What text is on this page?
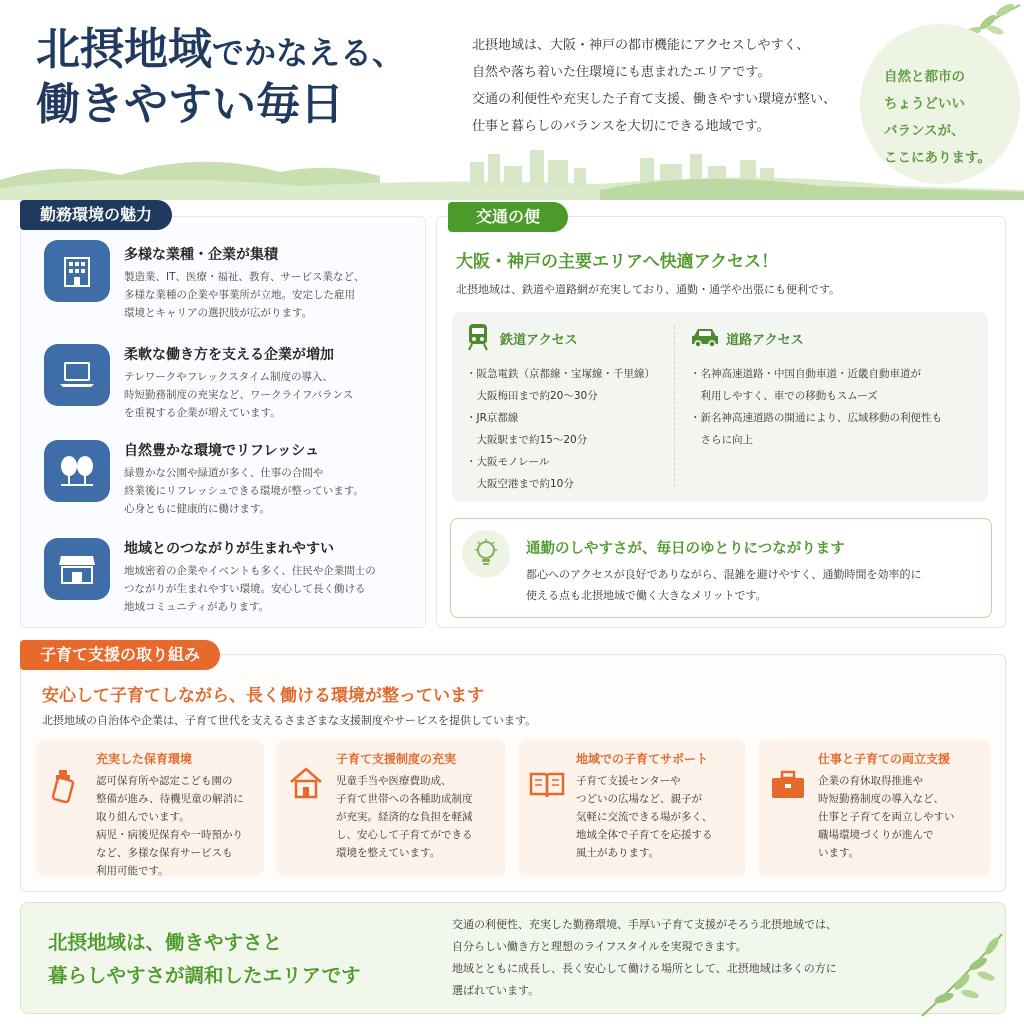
北摂地域でかなえる、
働きやすい毎日
北摂地域は、大阪・神戸の都市機能にアクセスしやすく、
自然や落ち着いた住環境にも恵まれたエリアです。
交通の利便性や充実した子育て支援、働きやすい環境が整い、
仕事と暮らしのバランスを大切にできる地域です。
自然と都市の
ちょうどいい
バランスが、
ここにあります。
勤務環境の魅力
多様な業種・企業が集積
製造業、IT、医療・福祉、教育、サービス業など、
多様な業種の企業や事業所が立地。安定した雇用
環境とキャリアの選択肢が広がります。
柔軟な働き方を支える企業が増加
テレワークやフレックスタイム制度の導入、
時短勤務制度の充実など、ワークライフバランス
を重視する企業が増えています。
自然豊かな環境でリフレッシュ
緑豊かな公園や緑道が多く、仕事の合間や
終業後にリフレッシュできる環境が整っています。
心身ともに健康的に働けます。
地域とのつながりが生まれやすい
地域密着の企業やイベントも多く、住民や企業間士の
つながりが生まれやすい環境。安心して長く働ける
地域コミュニティがあります。
交通の便
大阪・神戸の主要エリアへ快適アクセス！
北摂地域は、鉄道や道路網が充実しており、通勤・通学や出張にも便利です。
鉄道アクセス
・阪急電鉄（京都線・宝塚線・千里線）
　大阪梅田まで約20〜30分
・JR京都線
　大阪駅まで約15〜20分
・大阪モノレール
　大阪空港まで約10分
道路アクセス
・名神高速道路・中国自動車道・近畿自動車道が
　利用しやすく、車での移動もスムーズ
・新名神高速道路の開通により、広域移動の利便性も
　さらに向上
通勤のしやすさが、毎日のゆとりにつながります
都心へのアクセスが良好でありながら、混雑を避けやすく、通勤時間を効率的に
使える点も北摂地域で働く大きなメリットです。
子育て支援の取り組み
安心して子育てしながら、長く働ける環境が整っています
北摂地域の自治体や企業は、子育て世代を支えるさまざまな支援制度やサービスを提供しています。
充実した保育環境
認可保育所や認定こども園の
整備が進み、待機児童の解消に
取り組んでいます。
病児・病後児保育や一時預かり
など、多様な保育サービスも
利用可能です。
子育て支援制度の充実
児童手当や医療費助成、
子育て世帯への各種助成制度
が充実。経済的な負担を軽減
し、安心して子育てができる
環境を整えています。
地域での子育てサポート
子育て支援センターや
つどいの広場など、親子が
気軽に交流できる場が多く、
地域全体で子育てを応援する
風土があります。
仕事と子育ての両立支援
企業の育休取得推進や
時短勤務制度の導入など、
仕事と子育てを両立しやすい
職場環境づくりが進んで
います。
北摂地域は、働きやすさと
暮らしやすさが調和したエリアです
交通の利便性、充実した勤務環境、手厚い子育て支援がそろう北摂地域では、
自分らしい働き方と理想のライフスタイルを実現できます。
地域とともに成長し、長く安心して働ける場所として、北摂地域は多くの方に
選ばれています。
